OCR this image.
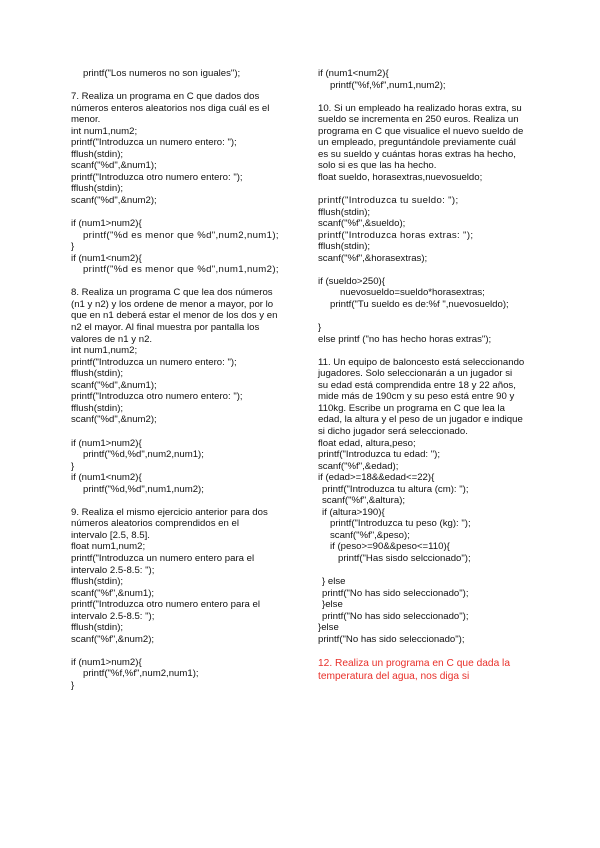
printf("Los numeros no son iguales");
7. Realiza un programa en C que dados dos
números enteros aleatorios nos diga cuál es el
menor.
int num1,num2;
printf("Introduzca un numero entero: ");
fflush(stdin);
scanf("%d",&num1);
printf("Introduzca otro numero entero: ");
fflush(stdin);
scanf("%d",&num2);
if (num1>num2){
printf("%d es menor que %d",num2,num1);
}
if (num1<num2){
printf("%d es menor que %d",num1,num2);
8. Realiza un programa C que lea dos números
(n1 y n2) y los ordene de menor a mayor, por lo
que en n1 deberá estar el menor de los dos y en
n2 el mayor. Al final muestra por pantalla los
valores de n1 y n2.
int num1,num2;
printf("Introduzca un numero entero: ");
fflush(stdin);
scanf("%d",&num1);
printf("Introduzca otro numero entero: ");
fflush(stdin);
scanf("%d",&num2);
if (num1>num2){
printf("%d,%d",num2,num1);
}
if (num1<num2){
printf("%d,%d",num1,num2);
9. Realiza el mismo ejercicio anterior para dos
números aleatorios comprendidos en el
intervalo [2.5, 8.5].
float num1,num2;
printf("Introduzca un numero entero para el
intervalo 2.5-8.5: ");
fflush(stdin);
scanf("%f",&num1);
printf("Introduzca otro numero entero para el
intervalo 2.5-8.5: ");
fflush(stdin);
scanf("%f",&num2);
if (num1>num2){
printf("%f,%f",num2,num1);
}
if (num1<num2){
printf("%f,%f",num1,num2);
10. Si un empleado ha realizado horas extra, su
sueldo se incrementa en 250 euros. Realiza un
programa en C que visualice el nuevo sueldo de
un empleado, preguntándole previamente cuál
es su sueldo y cuántas horas extras ha hecho,
solo si es que las ha hecho.
float sueldo, horasextras,nuevosueldo;
printf("Introduzca tu sueldo: ");
fflush(stdin);
scanf("%f",&sueldo);
printf("Introduzca horas extras: ");
fflush(stdin);
scanf("%f",&horasextras);
if (sueldo>250){
nuevosueldo=sueldo*horasextras;
printf("Tu sueldo es de:%f ",nuevosueldo);
}
else printf ("no has hecho horas extras");
11. Un equipo de baloncesto está seleccionando
jugadores. Solo seleccionarán a un jugador si
su edad está comprendida entre 18 y 22 años,
mide más de 190cm y su peso está entre 90 y
110kg. Escribe un programa en C que lea la
edad, la altura y el peso de un jugador e indique
si dicho jugador será seleccionado.
float edad, altura,peso;
printf("Introduzca tu edad: ");
scanf("%f",&edad);
if (edad>=18&&edad<=22){
printf("Introduzca tu altura (cm): ");
scanf("%f",&altura);
if (altura>190){
printf("Introduzca tu peso (kg): ");
scanf("%f",&peso);
if (peso>=90&&peso<=110){
printf("Has sisdo selccionado");
} else
printf("No has sido seleccionado");
}else
printf("No has sido seleccionado");
}else
printf("No has sido seleccionado");
12. Realiza un programa en C que dada la
temperatura del agua, nos diga si
